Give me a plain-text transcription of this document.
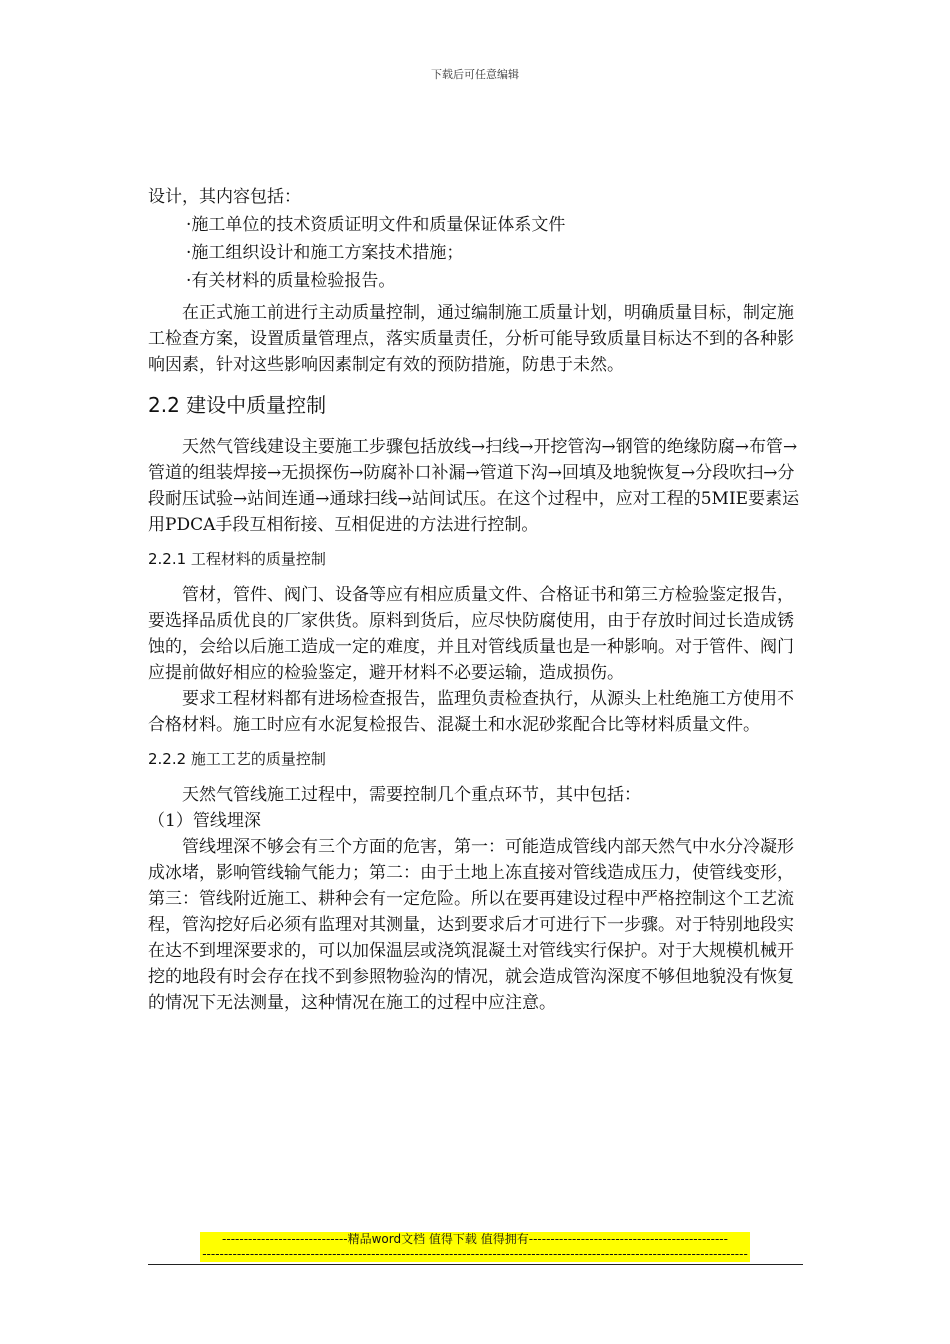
下载后可任意编辑

设计，其内容包括：

·施工单位的技术资质证明文件和质量保证体系文件

·施工组织设计和施工方案技术措施；

·有关材料的质量检验报告。

在正式施工前进行主动质量控制，通过编制施工质量计划，明确质量目标，制定施工检查方案，设置质量管理点，落实质量责任，分析可能导致质量目标达不到的各种影响因素，针对这些影响因素制定有效的预防措施，防患于未然。

2.2 建设中质量控制

天然气管线建设主要施工步骤包括放线→扫线→开挖管沟→钢管的绝缘防腐→布管→管道的组装焊接→无损探伤→防腐补口补漏→管道下沟→回填及地貌恢复→分段吹扫→分段耐压试验→站间连通→通球扫线→站间试压。在这个过程中，应对工程的5MIE要素运用PDCA手段互相衔接、互相促进的方法进行控制。

2.2.1 工程材料的质量控制

管材，管件、阀门、设备等应有相应质量文件、合格证书和第三方检验鉴定报告，要选择品质优良的厂家供货。原料到货后，应尽快防腐使用，由于存放时间过长造成锈蚀的，会给以后施工造成一定的难度，并且对管线质量也是一种影响。对于管件、阀门应提前做好相应的检验鉴定，避开材料不必要运输，造成损伤。

要求工程材料都有进场检查报告，监理负责检查执行，从源头上杜绝施工方使用不合格材料。施工时应有水泥复检报告、混凝土和水泥砂浆配合比等材料质量文件。

2.2.2 施工工艺的质量控制

天然气管线施工过程中，需要控制几个重点环节，其中包括：

（1）管线埋深

管线埋深不够会有三个方面的危害，第一：可能造成管线内部天然气中水分冷凝形成冰堵，影响管线输气能力；第二：由于土地上冻直接对管线造成压力，使管线变形，第三：管线附近施工、耕种会有一定危险。所以在要再建设过程中严格控制这个工艺流程，管沟挖好后必须有监理对其测量，达到要求后才可进行下一步骤。对于特别地段实在达不到埋深要求的，可以加保温层或浇筑混凝土对管线实行保护。对于大规模机械开挖的地段有时会存在找不到参照物验沟的情况，就会造成管沟深度不够但地貌没有恢复的情况下无法测量，这种情况在施工的过程中应注意。

-----------------------------精品word文档 值得下载 值得拥有----------------------------------------------
------------------------------------------------------------------------------------------------------------------------------
